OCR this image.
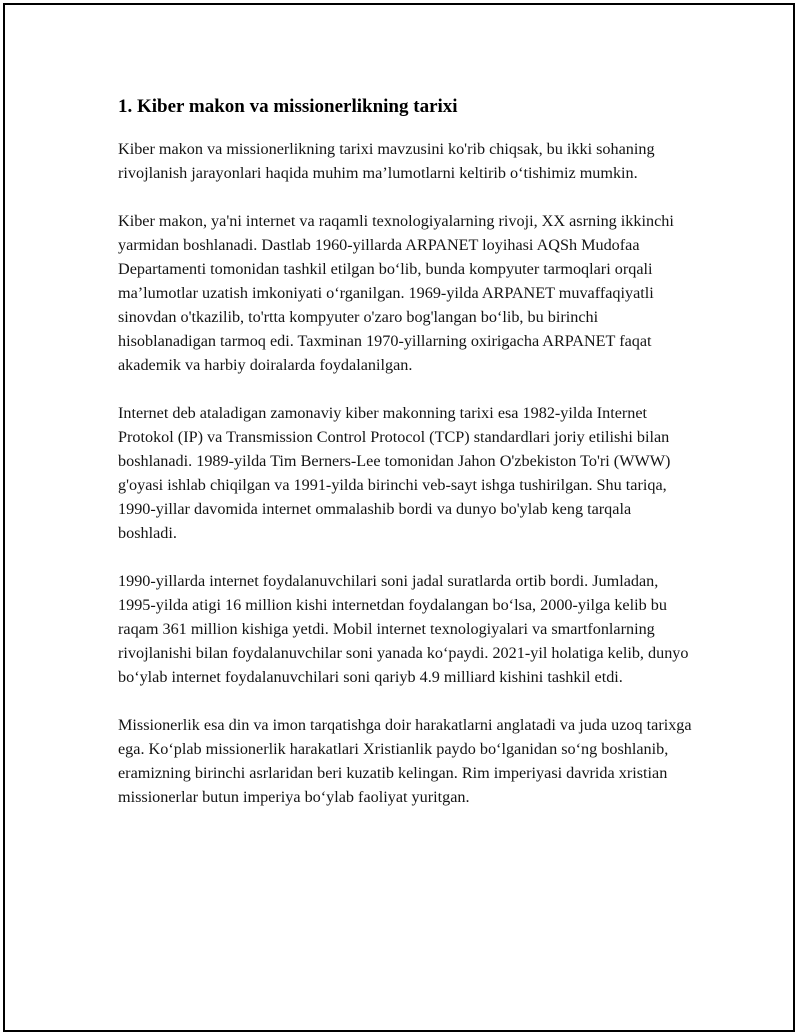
1. Kiber makon va missionerlikning tarixi

Kiber makon va missionerlikning tarixi mavzusini ko'rib chiqsak, bu ikki sohaning rivojlanish jarayonlari haqida muhim ma’lumotlarni keltirib o‘tishimiz mumkin.

Kiber makon, ya'ni internet va raqamli texnologiyalarning rivoji, XX asrning ikkinchi yarmidan boshlanadi. Dastlab 1960-yillarda ARPANET loyihasi AQSh Mudofaa Departamenti tomonidan tashkil etilgan bo‘lib, bunda kompyuter tarmoqlari orqali ma’lumotlar uzatish imkoniyati o‘rganilgan. 1969-yilda ARPANET muvaffaqiyatli sinovdan o'tkazilib, to'rtta kompyuter o'zaro bog'langan bo‘lib, bu birinchi hisoblanadigan tarmoq edi. Taxminan 1970-yillarning oxirigacha ARPANET faqat akademik va harbiy doiralarda foydalanilgan.

Internet deb ataladigan zamonaviy kiber makonning tarixi esa 1982-yilda Internet Protokol (IP) va Transmission Control Protocol (TCP) standardlari joriy etilishi bilan boshlanadi. 1989-yilda Tim Berners-Lee tomonidan Jahon O'zbekiston To'ri (WWW) g'oyasi ishlab chiqilgan va 1991-yilda birinchi veb-sayt ishga tushirilgan. Shu tariqa, 1990-yillar davomida internet ommalashib bordi va dunyo bo'ylab keng tarqala boshladi.

1990-yillarda internet foydalanuvchilari soni jadal suratlarda ortib bordi. Jumladan, 1995-yilda atigi 16 million kishi internetdan foydalangan bo‘lsa, 2000-yilga kelib bu raqam 361 million kishiga yetdi. Mobil internet texnologiyalari va smartfonlarning rivojlanishi bilan foydalanuvchilar soni yanada ko‘paydi. 2021-yil holatiga kelib, dunyo bo‘ylab internet foydalanuvchilari soni qariyb 4.9 milliard kishini tashkil etdi.

Missionerlik esa din va imon tarqatishga doir harakatlarni anglatadi va juda uzoq tarixga ega. Ko‘plab missionerlik harakatlari Xristianlik paydo bo‘lganidan so‘ng boshlanib, eramizning birinchi asrlaridan beri kuzatib kelingan. Rim imperiyasi davrida xristian missionerlar butun imperiya bo‘ylab faoliyat yuritgan.
